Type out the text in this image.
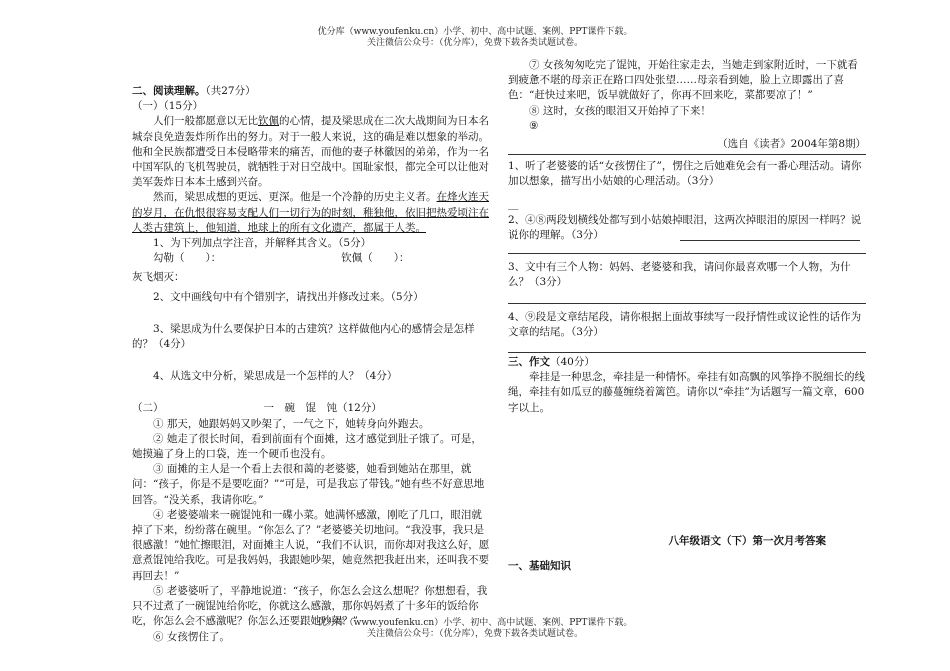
优分库（www.youfenku.cn）小学、初中、高中试题、案例、PPT课件下载。
关注微信公众号：（优分库），免费下载各类试题试卷。

二、阅读理解。（共27分）

（一）（15分）

人们一般都愿意以无比钦佩的心情，提及梁思成在二次大战期间为日本名城奈良免造轰炸所作出的努力。对于一般人来说，这的确是难以想象的举动。他和全民族都遭受日本侵略带来的痛苦，而他的妻子林徽因的弟弟，作为一名中国军队的飞机驾驶员，就牺牲于对日空战中。国耻家恨，都完全可以让他对美军轰炸日本本土感到兴奋。

然而，梁思成想的更远、更深。他是一个冷静的历史主义者。在烽火连天的岁月，在仇恨很容易支配人们一切行为的时刻，稚独他，依旧把热爱顷注在人类古建筑上，他知道，地球上的所有文化遗产，都属于人类。

1、为下列加点字注音，并解释其含义。（5分）

勾勒（　　）：	钦佩（　　）：

灰飞烟灭：

2、文中画线句中有个错别字，请找出并修改过来。（5分）

3、梁思成为什么要保护日本的古建筑？这样做他内心的感情会是怎样的？（4分）

4、从选文中分析，梁思成是一个怎样的人？（4分）

（二）	一　碗　馄　饨（12分）

① 那天，她跟妈妈又吵架了，一气之下，她转身向外跑去。

② 她走了很长时间，看到前面有个面摊，这才感觉到肚子饿了。可是，她摸遍了身上的口袋，连一个硬币也没有。

③ 面摊的主人是一个看上去很和蔼的老婆婆，她看到她站在那里，就问：“孩子，你是不是要吃面？”“可是，可是我忘了带钱。”她有些不好意思地回答。“没关系，我请你吃。”

④ 老婆婆端来一碗馄饨和一碟小菜。她满怀感激，刚吃了几口，眼泪就掉了下来，纷纷落在碗里。“你怎么了？”老婆婆关切地问。“我没事，我只是很感激！”她忙擦眼泪，对面摊主人说，“我们不认识，而你却对我这么好，愿意煮馄饨给我吃。可是我妈妈，我跟她吵架，她竟然把我赶出来，还叫我不要再回去！”

⑤ 老婆婆听了，平静地说道：“孩子，你怎么会这么想呢？你想想看，我只不过煮了一碗馄饨给你吃，你就这么感激，那你妈妈煮了十多年的饭给你吃，你怎么会不感激呢？你怎么还要跟她吵架？”

⑥ 女孩愣住了。

⑦ 女孩匆匆吃完了馄饨，开始往家走去，当她走到家附近时，一下就看到疲惫不堪的母亲正在路口四处张望……母亲看到她，脸上立即露出了喜色：“赶快过来吧，饭早就做好了，你再不回来吃，菜都要凉了！”

⑧ 这时，女孩的眼泪又开始掉了下来！

⑨

（选自《读者》2004年第8期）

1、听了老婆婆的话“女孩愣住了”，愣住之后她难免会有一番心理活动。请你加以想象，描写出小姑娘的心理活动。（3分）

＿

2、④⑧两段划横线处都写到小姑娘掉眼泪，这两次掉眼泪的原因一样吗？说说你的理解。（3分）

3、文中有三个人物：妈妈、老婆婆和我，请问你最喜欢哪一个人物，为什么？（3分）

4、⑨段是文章结尾段，请你根据上面故事续写一段抒情性或议论性的话作为文章的结尾。（3分）

三、作文（40分）

牵挂是一种思念，牵挂是一种情怀。牵挂有如高飘的风筝挣不脱细长的线绳，牵挂有如瓜豆的藤蔓缠绕着篱笆。请你以“牵挂”为话题写一篇文章，600字以上。

八年级语文（下）第一次月考答案

一、基础知识

优分库（www.youfenku.cn）小学、初中、高中试题、案例、PPT课件下载。
关注微信公众号：（优分库），免费下载各类试题试卷。
